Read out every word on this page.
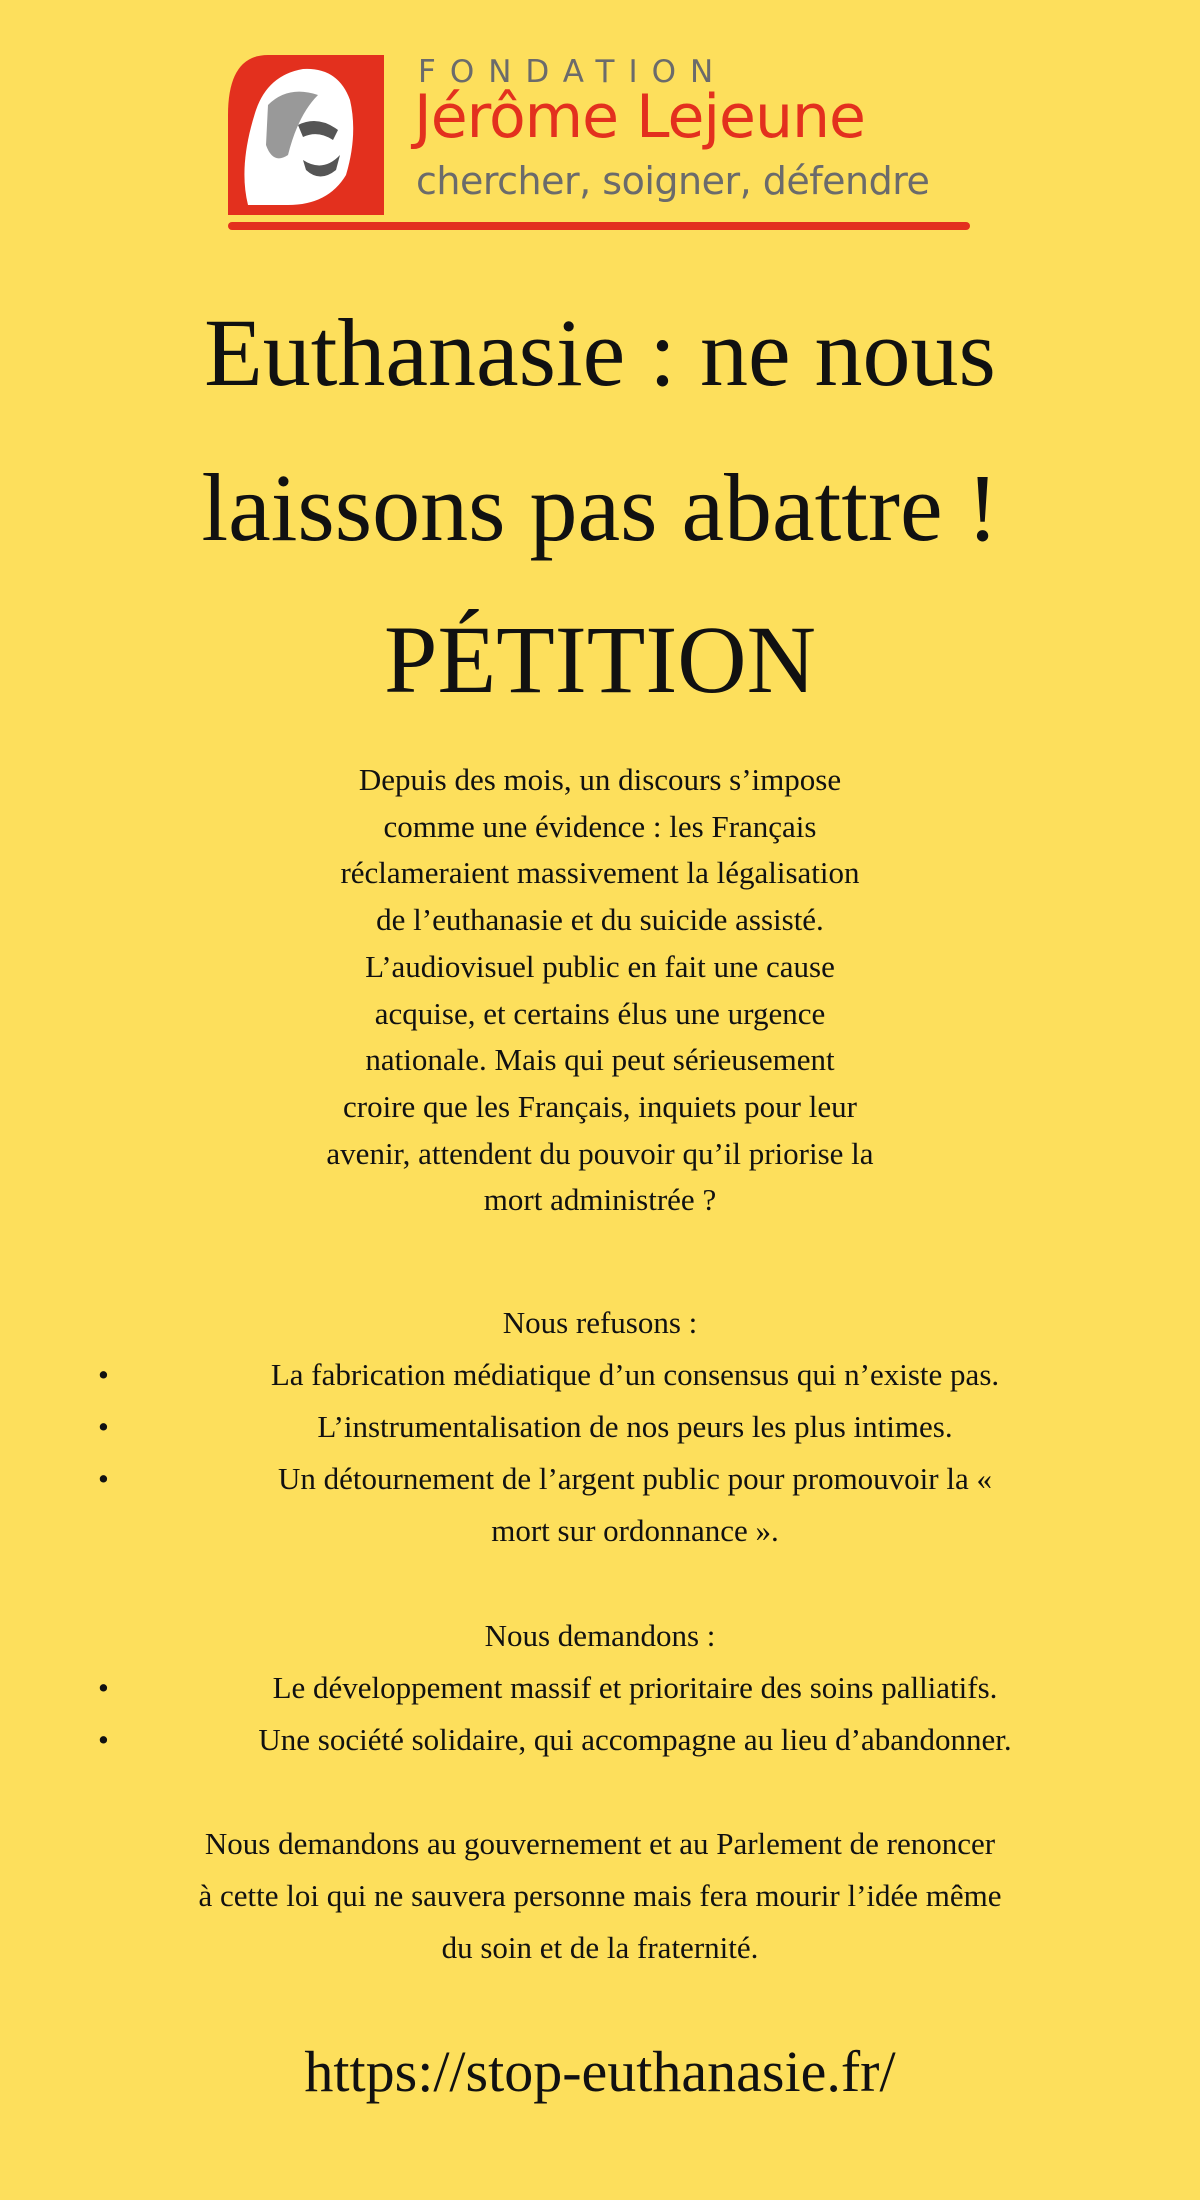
FONDATION
Jérôme Lejeune
chercher, soigner, défendre
Euthanasie : ne nous
laissons pas abattre !
PÉTITION
Depuis des mois, un discours s’impose
comme une évidence : les Français
réclameraient massivement la légalisation
de l’euthanasie et du suicide assisté.
L’audiovisuel public en fait une cause
acquise, et certains élus une urgence
nationale. Mais qui peut sérieusement
croire que les Français, inquiets pour leur
avenir, attendent du pouvoir qu’il priorise la
mort administrée ?
Nous refusons :
•	La fabrication médiatique d’un consensus qui n’existe pas.
•	L’instrumentalisation de nos peurs les plus intimes.
•	Un détournement de l’argent public pour promouvoir la «
mort sur ordonnance ».
Nous demandons :
•	Le développement massif et prioritaire des soins palliatifs.
•	Une société solidaire, qui accompagne au lieu d’abandonner.
Nous demandons au gouvernement et au Parlement de renoncer
à cette loi qui ne sauvera personne mais fera mourir l’idée même
du soin et de la fraternité.
https://stop-euthanasie.fr/
